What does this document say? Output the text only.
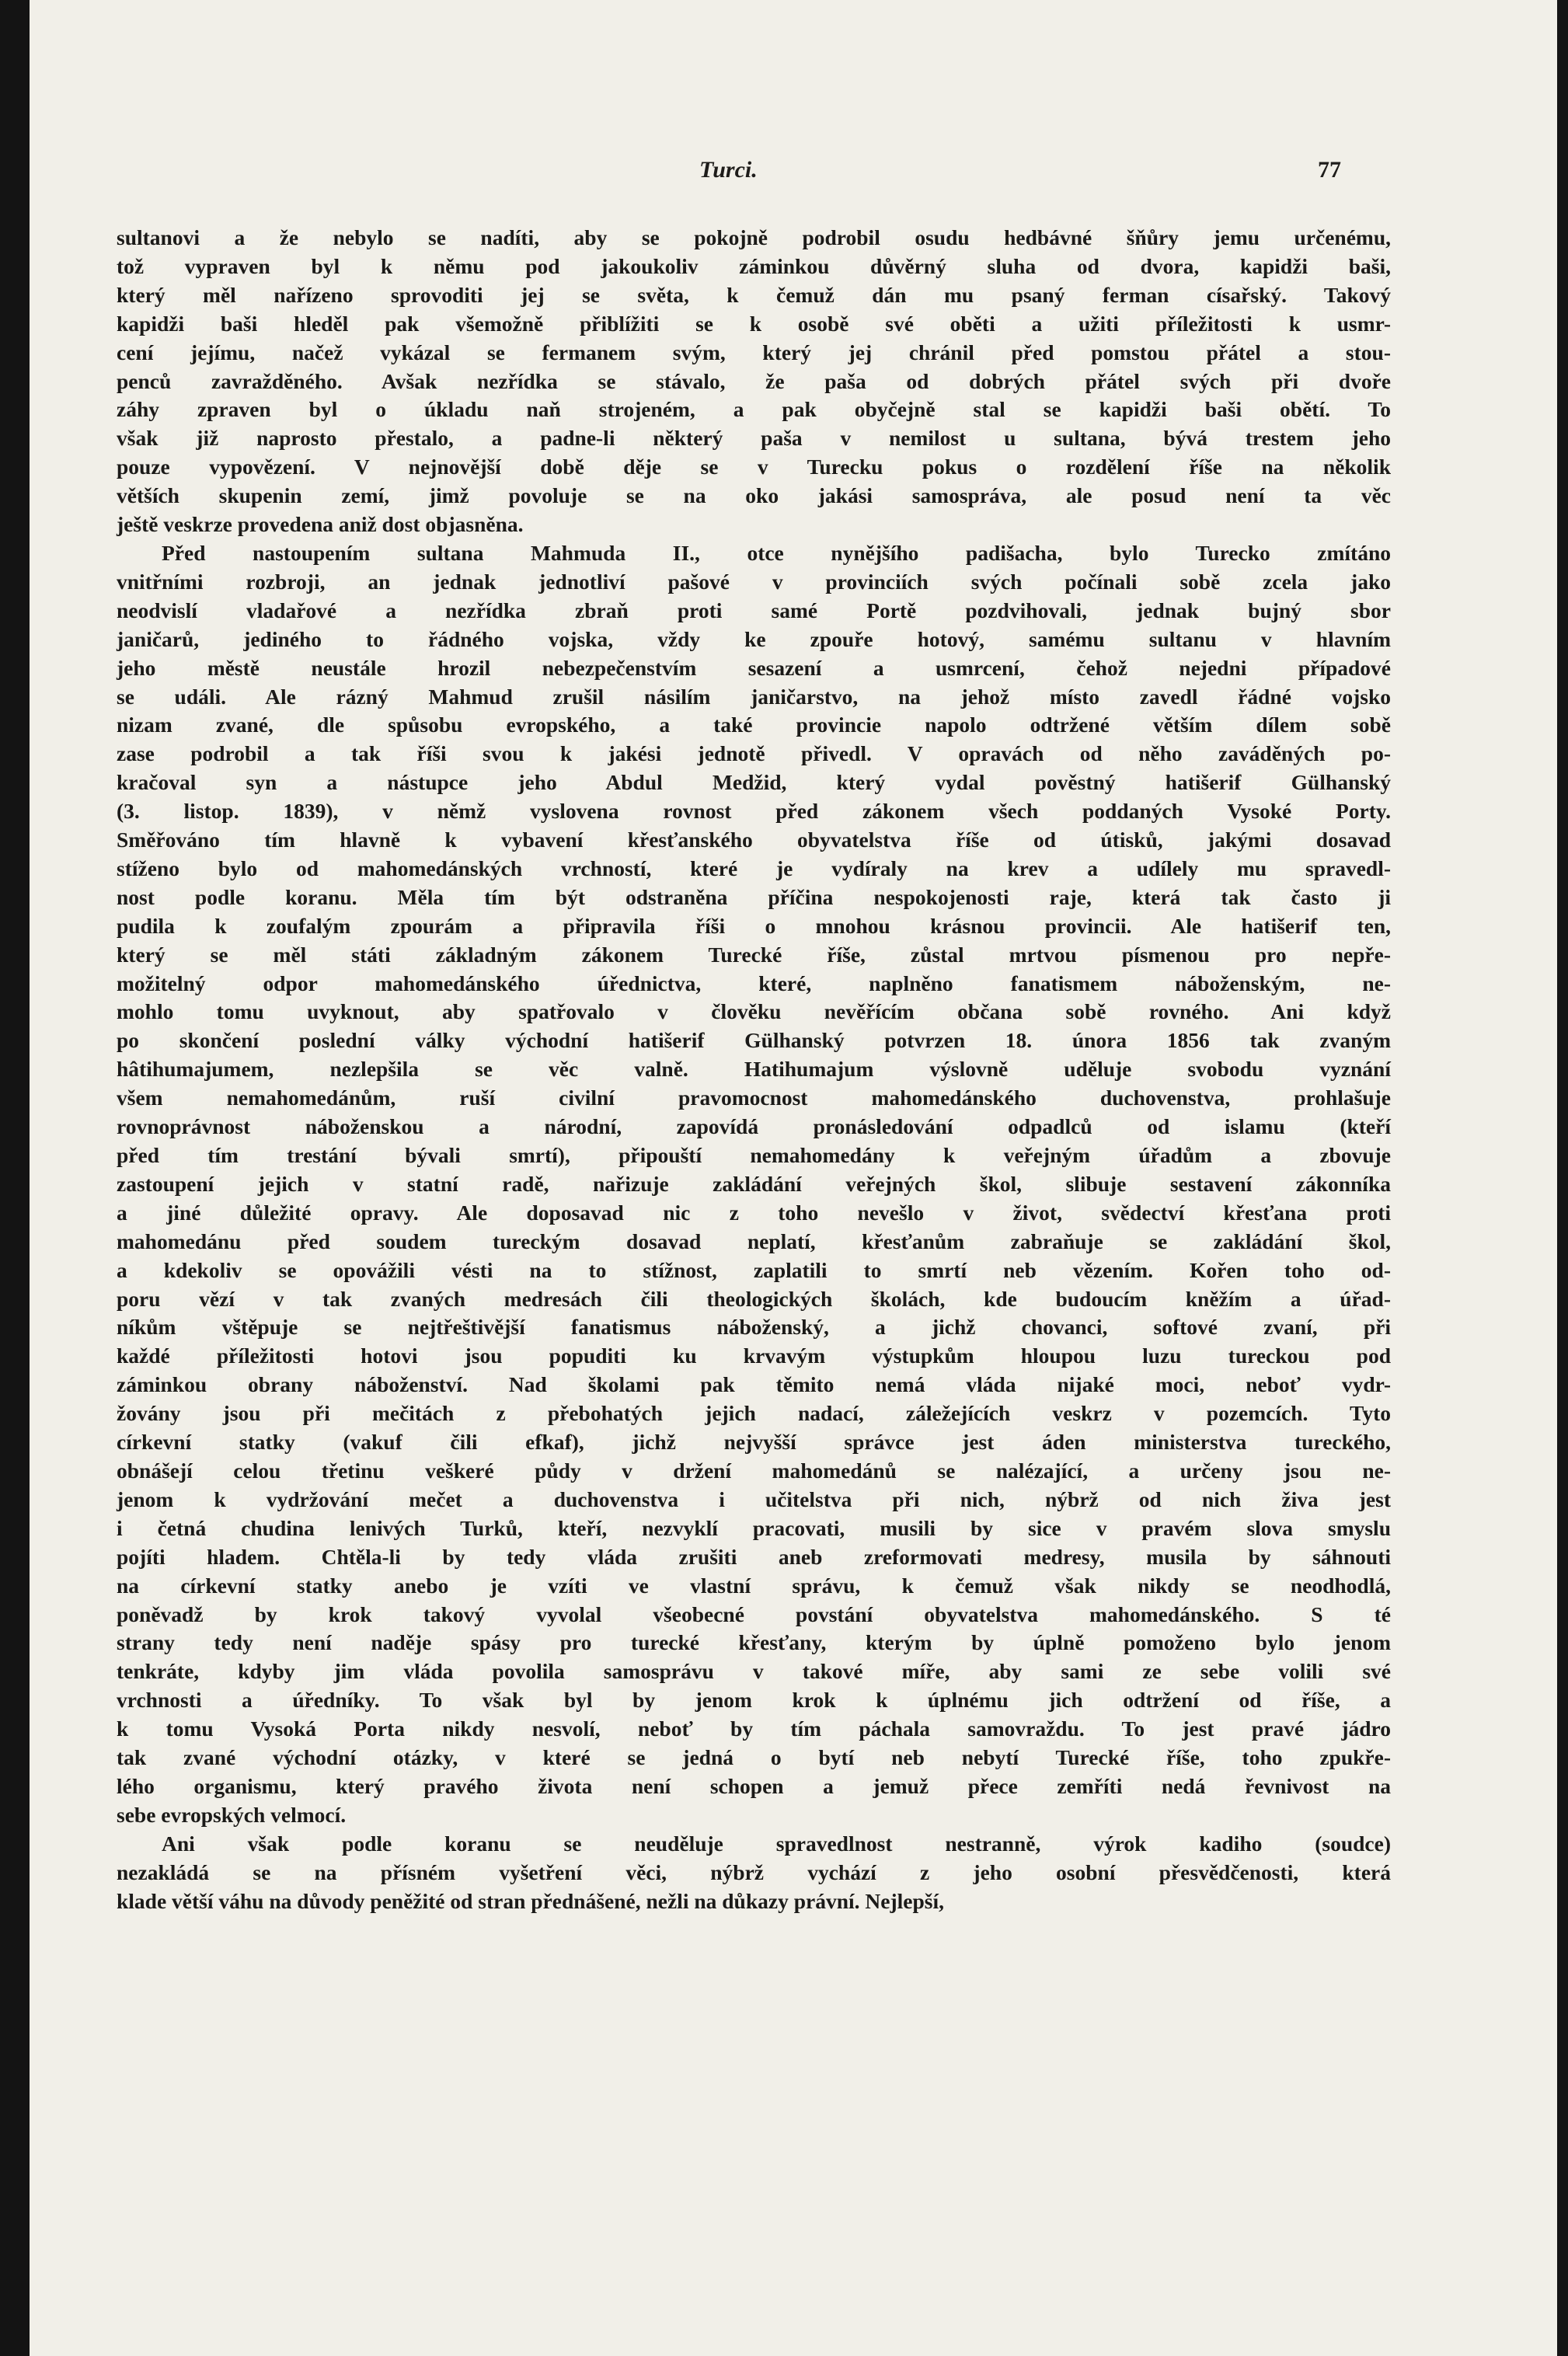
Turci.	77
sultanovi a že nebylo se nadíti, aby se pokojně podrobil osudu hedbávné šňůry jemu určenému,
tož vypraven byl k němu pod jakoukoliv záminkou důvěrný sluha od dvora, kapidži baši,
který měl nařízeno sprovoditi jej se světa, k čemuž dán mu psaný ferman císařský. Takový
kapidži baši hleděl pak všemožně přiblížiti se k osobě své oběti a užiti příležitosti k usmr-
cení jejímu, načež vykázal se fermanem svým, který jej chránil před pomstou přátel a stou-
penců zavražděného. Avšak nezřídka se stávalo, že paša od dobrých přátel svých při dvoře
záhy zpraven byl o úkladu naň strojeném, a pak obyčejně stal se kapidži baši obětí. To
však již naprosto přestalo, a padne-li některý paša v nemilost u sultana, bývá trestem jeho
pouze vypovězení. V nejnovější době děje se v Turecku pokus o rozdělení říše na několik
větších skupenin zemí, jimž povoluje se na oko jakási samospráva, ale posud není ta věc
ještě veskrze provedena aniž dost objasněna.
Před nastoupením sultana Mahmuda II., otce nynějšího padišacha, bylo Turecko zmítáno
vnitřními rozbroji, an jednak jednotliví pašové v provinciích svých počínali sobě zcela jako
neodvislí vladařové a nezřídka zbraň proti samé Portě pozdvihovali, jednak bujný sbor
janičarů, jediného to řádného vojska, vždy ke zpouře hotový, samému sultanu v hlavním
jeho městě neustále hrozil nebezpečenstvím sesazení a usmrcení, čehož nejedni případové
se událi. Ale rázný Mahmud zrušil násilím janičarstvo, na jehož místo zavedl řádné vojsko
nizam zvané, dle spůsobu evropského, a také provincie napolo odtržené větším dílem sobě
zase podrobil a tak říši svou k jakési jednotě přivedl. V opravách od něho zaváděných po-
kračoval syn a nástupce jeho Abdul Medžid, který vydal pověstný hatišerif Gülhanský
(3. listop. 1839), v němž vyslovena rovnost před zákonem všech poddaných Vysoké Porty.
Směřováno tím hlavně k vybavení křesťanského obyvatelstva říše od útisků, jakými dosavad
stíženo bylo od mahomedánských vrchností, které je vydíraly na krev a udílely mu spravedl-
nost podle koranu. Měla tím být odstraněna příčina nespokojenosti raje, která tak často ji
pudila k zoufalým zpourám a připravila říši o mnohou krásnou provincii. Ale hatišerif ten,
který se měl státi základným zákonem Turecké říše, zůstal mrtvou písmenou pro nepře-
možitelný odpor mahomedánského úřednictva, které, naplněno fanatismem náboženským, ne-
mohlo tomu uvyknout, aby spatřovalo v člověku nevěřícím občana sobě rovného. Ani když
po skončení poslední války východní hatišerif Gülhanský potvrzen 18. února 1856 tak zvaným
hâtihumajumem, nezlepšila se věc valně. Hatihumajum výslovně uděluje svobodu vyznání
všem nemahomedánům, ruší civilní pravomocnost mahomedánského duchovenstva, prohlašuje
rovnoprávnost náboženskou a národní, zapovídá pronásledování odpadlců od islamu (kteří
před tím trestání bývali smrtí), připouští nemahomedány k veřejným úřadům a zbovuje
zastoupení jejich v statní radě, nařizuje zakládání veřejných škol, slibuje sestavení zákonníka
a jiné důležité opravy. Ale doposavad nic z toho nevešlo v život, svědectví křesťana proti
mahomedánu před soudem tureckým dosavad neplatí, křesťanům zabraňuje se zakládání škol,
a kdekoliv se opovážili vésti na to stížnost, zaplatili to smrtí neb vězením. Kořen toho od-
poru vězí v tak zvaných medresách čili theologických školách, kde budoucím kněžím a úřad-
níkům vštěpuje se nejtřeštivější fanatismus náboženský, a jichž chovanci, softové zvaní, při
každé příležitosti hotovi jsou popuditi ku krvavým výstupkům hloupou luzu tureckou pod
záminkou obrany náboženství. Nad školami pak těmito nemá vláda nijaké moci, neboť vydr-
žovány jsou při mečitách z přebohatých jejich nadací, záležejících veskrz v pozemcích. Tyto
církevní statky (vakuf čili efkaf), jichž nejvyšší správce jest áden ministerstva tureckého,
obnášejí celou třetinu veškeré půdy v držení mahomedánů se nalézající, a určeny jsou ne-
jenom k vydržování mečet a duchovenstva i učitelstva při nich, nýbrž od nich živa jest
i četná chudina lenivých Turků, kteří, nezvyklí pracovati, musili by sice v pravém slova smyslu
pojíti hladem. Chtěla-li by tedy vláda zrušiti aneb zreformovati medresy, musila by sáhnouti
na církevní statky anebo je vzíti ve vlastní správu, k čemuž však nikdy se neodhodlá,
poněvadž by krok takový vyvolal všeobecné povstání obyvatelstva mahomedánského. S té
strany tedy není naděje spásy pro turecké křesťany, kterým by úplně pomoženo bylo jenom
tenkráte, kdyby jim vláda povolila samosprávu v takové míře, aby sami ze sebe volili své
vrchnosti a úředníky. To však byl by jenom krok k úplnému jich odtržení od říše, a
k tomu Vysoká Porta nikdy nesvolí, neboť by tím páchala samovraždu. To jest pravé jádro
tak zvané východní otázky, v které se jedná o bytí neb nebytí Turecké říše, toho zpukře-
lého organismu, který pravého života není schopen a jemuž přece zemříti nedá řevnivost na
sebe evropských velmocí.
Ani však podle koranu se neuděluje spravedlnost nestranně, výrok kadiho (soudce)
nezakládá se na přísném vyšetření věci, nýbrž vychází z jeho osobní přesvědčenosti, která
klade větší váhu na důvody peněžité od stran přednášené, nežli na důkazy právní. Nejlepší,
